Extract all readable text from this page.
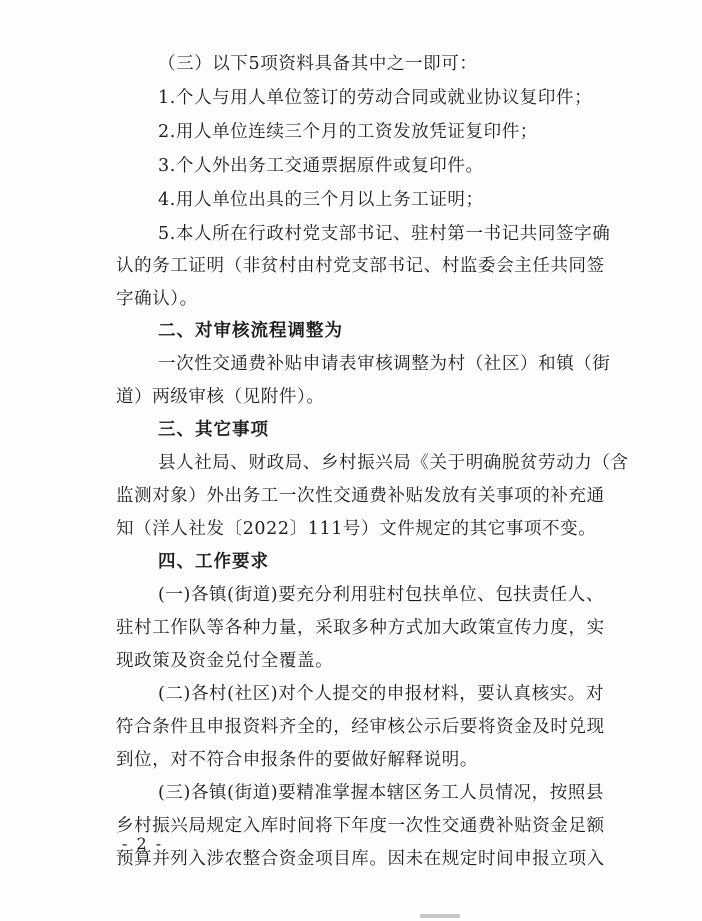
（三）以下5项资料具备其中之一即可：
1.个人与用人单位签订的劳动合同或就业协议复印件；
2.用人单位连续三个月的工资发放凭证复印件；
3.个人外出务工交通票据原件或复印件。
4.用人单位出具的三个月以上务工证明；
5.本人所在行政村党支部书记、驻村第一书记共同签字确
认的务工证明（非贫村由村党支部书记、村监委会主任共同签
字确认）。
二、对审核流程调整为
一次性交通费补贴申请表审核调整为村（社区）和镇（街
道）两级审核（见附件）。
三、其它事项
县人社局、财政局、乡村振兴局《关于明确脱贫劳动力（含
监测对象）外出务工一次性交通费补贴发放有关事项的补充通
知（洋人社发〔2022〕111号）文件规定的其它事项不变。
四、工作要求
(一)各镇(街道)要充分利用驻村包扶单位、包扶责任人、
驻村工作队等各种力量，采取多种方式加大政策宣传力度，实
现政策及资金兑付全覆盖。
(二)各村(社区)对个人提交的申报材料，要认真核实。对
符合条件且申报资料齐全的，经审核公示后要将资金及时兑现
到位，对不符合申报条件的要做好解释说明。
(三)各镇(街道)要精准掌握本辖区务工人员情况，按照县
乡村振兴局规定入库时间将下年度一次性交通费补贴资金足额
预算并列入涉农整合资金项目库。因未在规定时间申报立项入
- 2 -
